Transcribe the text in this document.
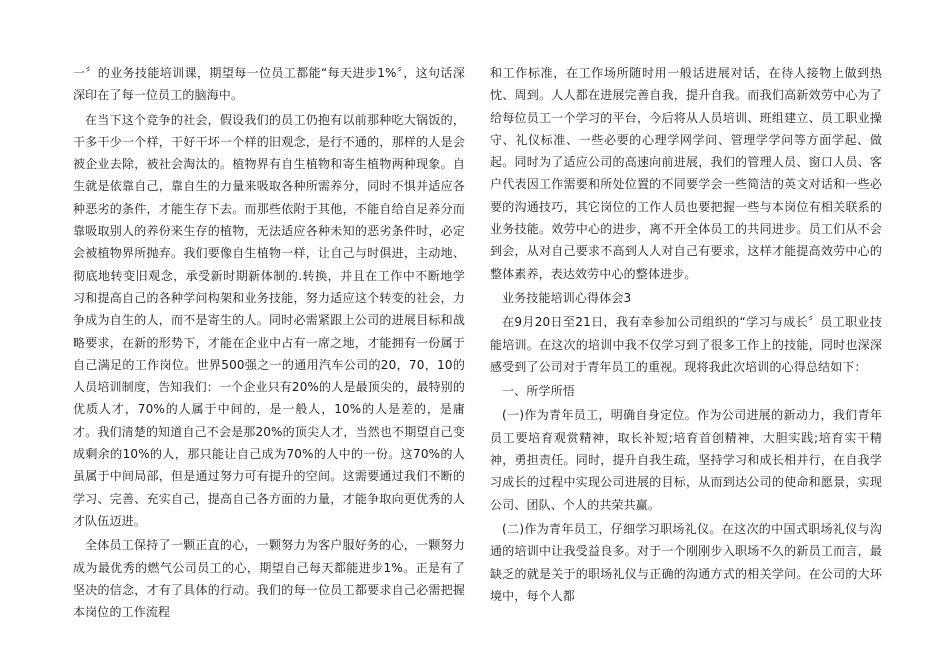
一〞的业务技能培训课，期望每一位员工都能“每天进步1%〞，这句话深深印在了每一位员工的脑海中。

在当下这个竞争的社会，假设我们的员工仍抱有以前那种吃大锅饭的，干多干少一个样，干好干坏一个样的旧观念，是行不通的，那样的人是会被企业去除，被社会淘汰的。植物界有自生植物和寄生植物两种现象。自生就是依靠自己，靠自生的力量来吸取各种所需养分，同时不惧并适应各种恶劣的条件，才能生存下去。而那些依附于其他，不能自给自足养分而靠吸取别人的养份来生存的植物，无法适应各种未知的恶劣条件时，必定会被植物界所抛弃。我们要像自生植物一样，让自己与时俱进，主动地、彻底地转变旧观念，承受新时期新体制的.转换，并且在工作中不断地学习和提高自己的各种学问构架和业务技能，努力适应这个转变的社会，力争成为自生的人，而不是寄生的人。同时必需紧跟上公司的进展目标和战略要求，在新的形势下，才能在企业中占有一席之地，才能拥有一份属于自己满足的工作岗位。世界500强之一的通用汽车公司的20，70，10的人员培训制度，告知我们：一个企业只有20%的人是最顶尖的，最特别的优质人才，70%的人属于中间的，是一般人，10%的人是差的，是庸才。我们清楚的知道自己不会是那20%的顶尖人才，当然也不期望自己变成剩余的10%的人，那只能让自己成为70%的人中的一份。这70%的人虽属于中间局部，但是通过努力可有提升的空间。这需要通过我们不断的学习、完善、充实自己，提高自己各方面的力量，才能争取向更优秀的人才队伍迈进。

全体员工保持了一颗正直的心，一颗努力为客户服好务的心，一颗努力成为最优秀的燃气公司员工的心，期望自己每天都能进步1%。正是有了坚决的信念，才有了具体的行动。我们的每一位员工都要求自己必需把握本岗位的工作流程

和工作标准，在工作场所随时用一般话进展对话，在待人接物上做到热忱、周到。人人都在进展完善自我，提升自我。而我们高新效劳中心为了给每位员工一个学习的平台，今后将从人员培训、班组建立、员工职业操守、礼仪标准、一些必要的心理学网学问、管理学学问等方面学起、做起。同时为了适应公司的高速向前进展，我们的管理人员、窗口人员、客户代表因工作需要和所处位置的不同要学会一些简洁的英文对话和一些必要的沟通技巧，其它岗位的工作人员也要把握一些与本岗位有相关联系的业务技能。效劳中心的进步，离不开全体员工的共同进步。员工们从不会到会，从对自己要求不高到人人对自己有要求，这样才能提高效劳中心的整体素养，表达效劳中心的整体进步。

业务技能培训心得体会3

在9月20日至21日，我有幸参加公司组织的“学习与成长〞员工职业技能培训。在这次的培训中我不仅学习到了很多工作上的技能，同时也深深感受到了公司对于青年员工的重视。现将我此次培训的心得总结如下：

一、所学所悟

(一)作为青年员工，明确自身定位。作为公司进展的新动力，我们青年员工要培育观赏精神，取长补短;培育首创精神，大胆实践;培育实干精神，勇担责任。同时，提升自我生疏，坚持学习和成长相并行，在自我学习成长的过程中实现公司进展的目标，从而到达公司的使命和愿景，实现公司、团队、个人的共荣共赢。

(二)作为青年员工，仔细学习职场礼仪。在这次的中国式职场礼仪与沟通的培训中让我受益良多。对于一个刚刚步入职场不久的新员工而言，最缺乏的就是关于的职场礼仪与正确的沟通方式的相关学问。在公司的大环境中，每个人都
